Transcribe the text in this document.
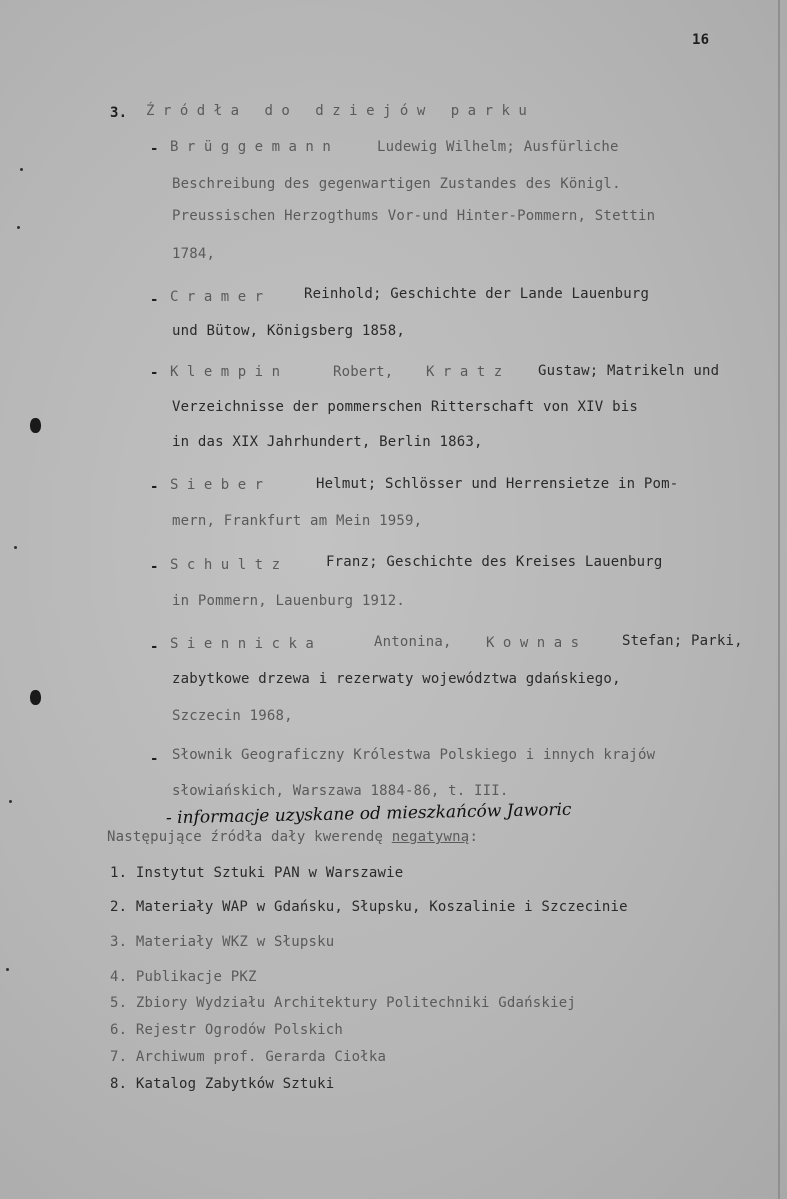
16
3. Źródła do dziejów parku
- Brüggemann	Ludewig Wilhelm; Ausfürliche
Beschreibung des gegenwartigen Zustandes des Königl.
Preussischen Herzogthums Vor-und Hinter-Pommern, Stettin
1784,
- Cramer Reinhold; Geschichte der Lande Lauenburg
und Bütow, Königsberg 1858,
- Klempin	Robert, Kratz Gustaw; Matrikeln und
Verzeichnisse der pommerschen Ritterschaft von XIV bis
in das XIX Jahrhundert, Berlin 1863,
- Sieber	Helmut; Schlösser und Herrensietze in Pom-
mern, Frankfurt am Mein 1959,
- Schultz	Franz; Geschichte des Kreises Lauenburg
in Pommern, Lauenburg 1912.
- Siennicka	Antonina, Kownas Stefan; Parki,
zabytkowe drzewa i rezerwaty województwa gdańskiego,
Szczecin 1968,
- Słownik Geograficzny Królestwa Polskiego i innych krajów
słowiańskich, Warszawa 1884-86, t. III.
- informacje uzyskane od mieszkańców Jaworic
Następujące źródła dały kwerendę negatywną:
1. Instytut Sztuki PAN w Warszawie
2. Materiały WAP w Gdańsku, Słupsku, Koszalinie i Szczecinie
3. Materiały WKZ w Słupsku
4. Publikacje PKZ
5. Zbiory Wydziału Architektury Politechniki Gdańskiej
6. Rejestr Ogrodów Polskich
7. Archiwum prof. Gerarda Ciołka
8. Katalog Zabytków Sztuki
